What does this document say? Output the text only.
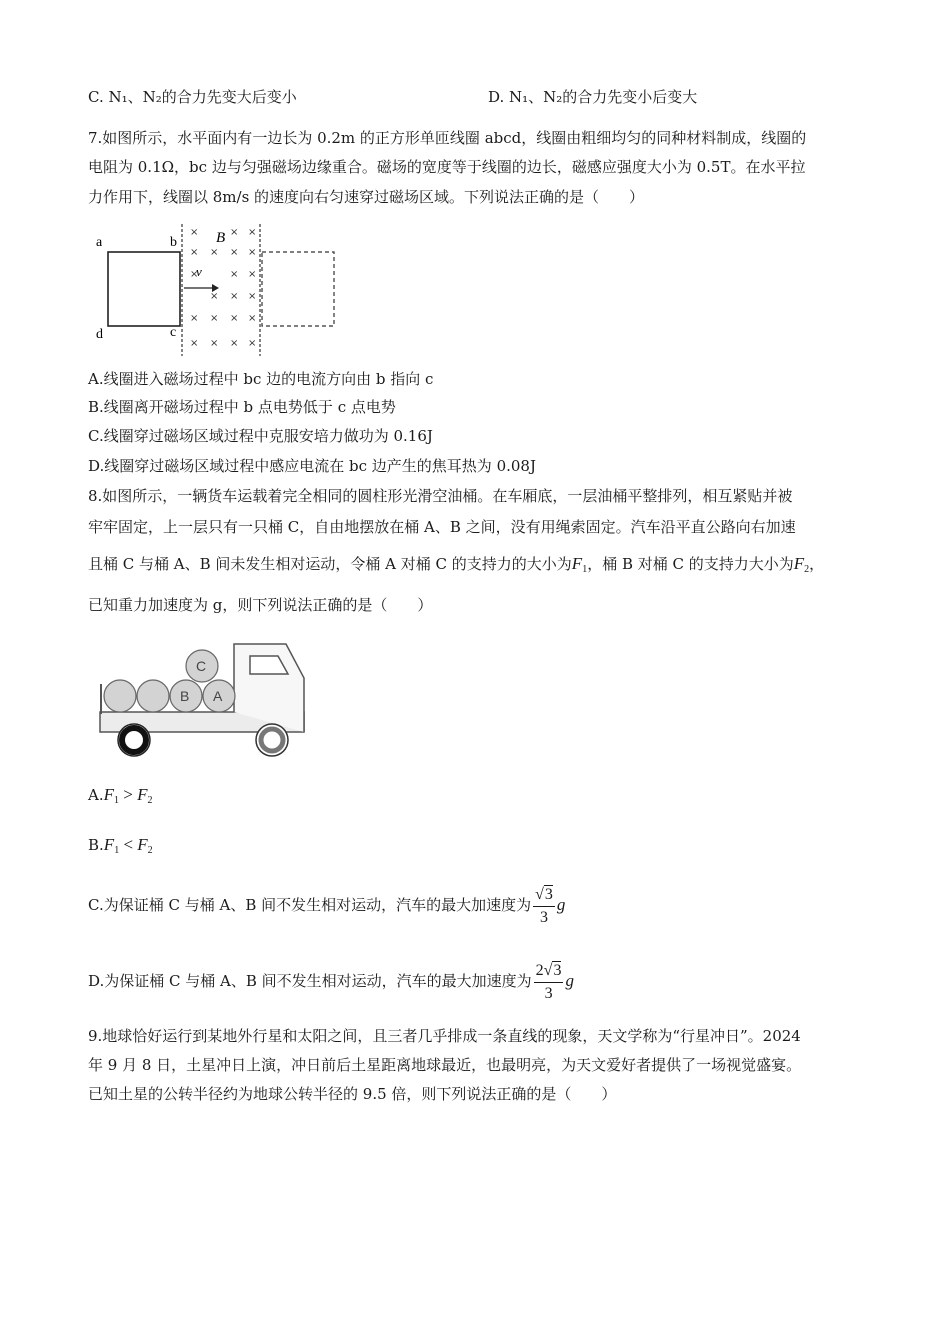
C. N₁、N₂的合力先变大后变小	D. N₁、N₂的合力先变小后变大
7.如图所示，水平面内有一边长为 0.2m 的正方形单匝线圈 abcd，线圈由粗细均匀的同种材料制成，线圈的
电阻为 0.1Ω，bc 边与匀强磁场边缘重合。磁场的宽度等于线圈的边长，磁感应强度大小为 0.5T。在水平拉
力作用下，线圈以 8m/s 的速度向右匀速穿过磁场区域。下列说法正确的是（　　）
a	b
d	c
×
× × × ×
× ×
×	× ×
× × ×
× × × ×
× × × ×
B
v
A.线圈进入磁场过程中 bc 边的电流方向由 b 指向 c
B.线圈离开磁场过程中 b 点电势低于 c 点电势
C.线圈穿过磁场区域过程中克服安培力做功为 0.16J
D.线圈穿过磁场区域过程中感应电流在 bc 边产生的焦耳热为 0.08J
8.如图所示，一辆货车运载着完全相同的圆柱形光滑空油桶。在车厢底，一层油桶平整排列，相互紧贴并被
牢牢固定，上一层只有一只桶 C，自由地摆放在桶 A、B 之间，没有用绳索固定。汽车沿平直公路向右加速
且桶 C 与桶 A、B 间未发生相对运动，令桶 A 对桶 C 的支持力的大小为$F_1$，桶 B 对桶 C 的支持力大小为$F_2$，
已知重力加速度为 g，则下列说法正确的是（　　）
C
B A
$A.F_1 > F_2$
$B.F_1 < F_2$
C.为保证桶 C 与桶 A、B 间不发生相对运动，汽车的最大加速度为 $\frac{√3}{3}$ g
D.为保证桶 C 与桶 A、B 间不发生相对运动，汽车的最大加速度为 $\frac{2√3}{3}$ g
9.地球恰好运行到某地外行星和太阳之间，且三者几乎排成一条直线的现象，天文学称为“行星冲日”。2024
年 9 月 8 日，土星冲日上演，冲日前后土星距离地球最近，也最明亮，为天文爱好者提供了一场视觉盛宴。
已知土星的公转半径约为地球公转半径的 9.5 倍，则下列说法正确的是（　　）
